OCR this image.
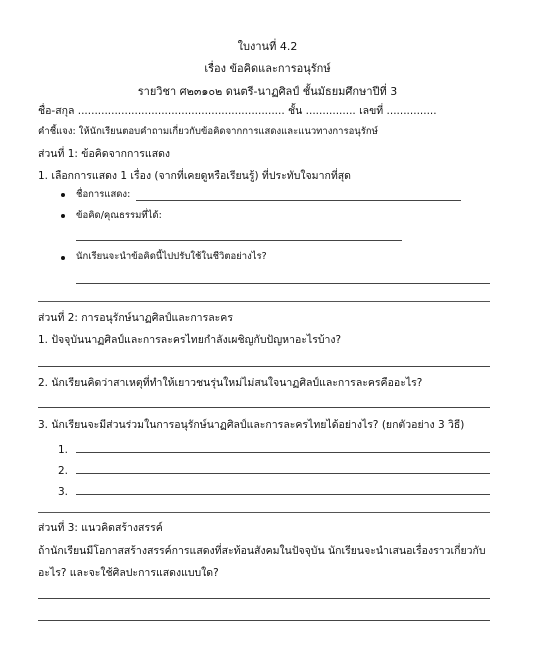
ใบงานที่ 4.2
เรื่อง ข้อคิดและการอนุรักษ์
รายวิชา ศ๒๓๑๐๒ ดนตรี-นาฏศิลป์ ชั้นมัธยมศึกษาปีที่ 3
ชื่อ-สกุล .............................................................. ชั้น ............... เลขที่ ...............
คำชี้แจง: ให้นักเรียนตอบคำถามเกี่ยวกับข้อคิดจากการแสดงและแนวทางการอนุรักษ์
ส่วนที่ 1: ข้อคิดจากการแสดง
1. เลือกการแสดง 1 เรื่อง (จากที่เคยดูหรือเรียนรู้) ที่ประทับใจมากที่สุด
ชื่อการแสดง:
ข้อคิด/คุณธรรมที่ได้:
นักเรียนจะนำข้อคิดนี้ไปปรับใช้ในชีวิตอย่างไร?
ส่วนที่ 2: การอนุรักษ์นาฏศิลป์และการละคร
1. ปัจจุบันนาฏศิลป์และการละครไทยกำลังเผชิญกับปัญหาอะไรบ้าง?
2. นักเรียนคิดว่าสาเหตุที่ทำให้เยาวชนรุ่นใหม่ไม่สนใจนาฏศิลป์และการละครคืออะไร?
3. นักเรียนจะมีส่วนร่วมในการอนุรักษ์นาฏศิลป์และการละครไทยได้อย่างไร? (ยกตัวอย่าง 3 วิธี)
1.
2.
3.
ส่วนที่ 3: แนวคิดสร้างสรรค์
ถ้านักเรียนมีโอกาสสร้างสรรค์การแสดงที่สะท้อนสังคมในปัจจุบัน นักเรียนจะนำเสนอเรื่องราวเกี่ยวกับ
อะไร? และจะใช้ศิลปะการแสดงแบบใด?
